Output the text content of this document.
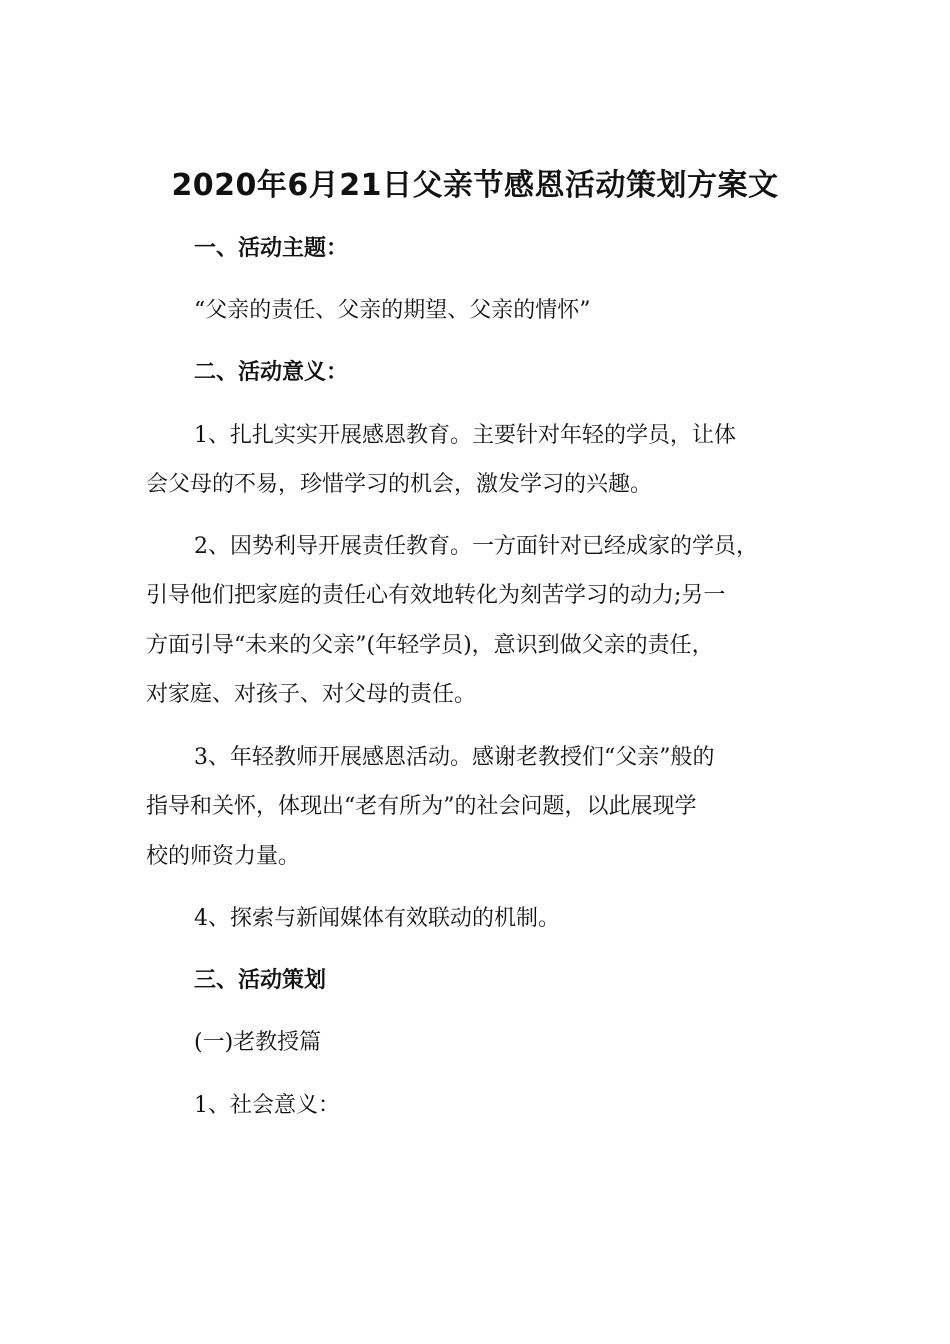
2020年6月21日父亲节感恩活动策划方案文

一、活动主题：

“父亲的责任、父亲的期望、父亲的情怀”

二、活动意义：

1、扎扎实实开展感恩教育。主要针对年轻的学员，让体

会父母的不易，珍惜学习的机会，激发学习的兴趣。

2、因势利导开展责任教育。一方面针对已经成家的学员，

引导他们把家庭的责任心有效地转化为刻苦学习的动力;另一

方面引导“未来的父亲”(年轻学员)，意识到做父亲的责任，

对家庭、对孩子、对父母的责任。

3、年轻教师开展感恩活动。感谢老教授们“父亲”般的

指导和关怀，体现出“老有所为”的社会问题，以此展现学

校的师资力量。

4、探索与新闻媒体有效联动的机制。

三、活动策划

(一)老教授篇

1、社会意义：
